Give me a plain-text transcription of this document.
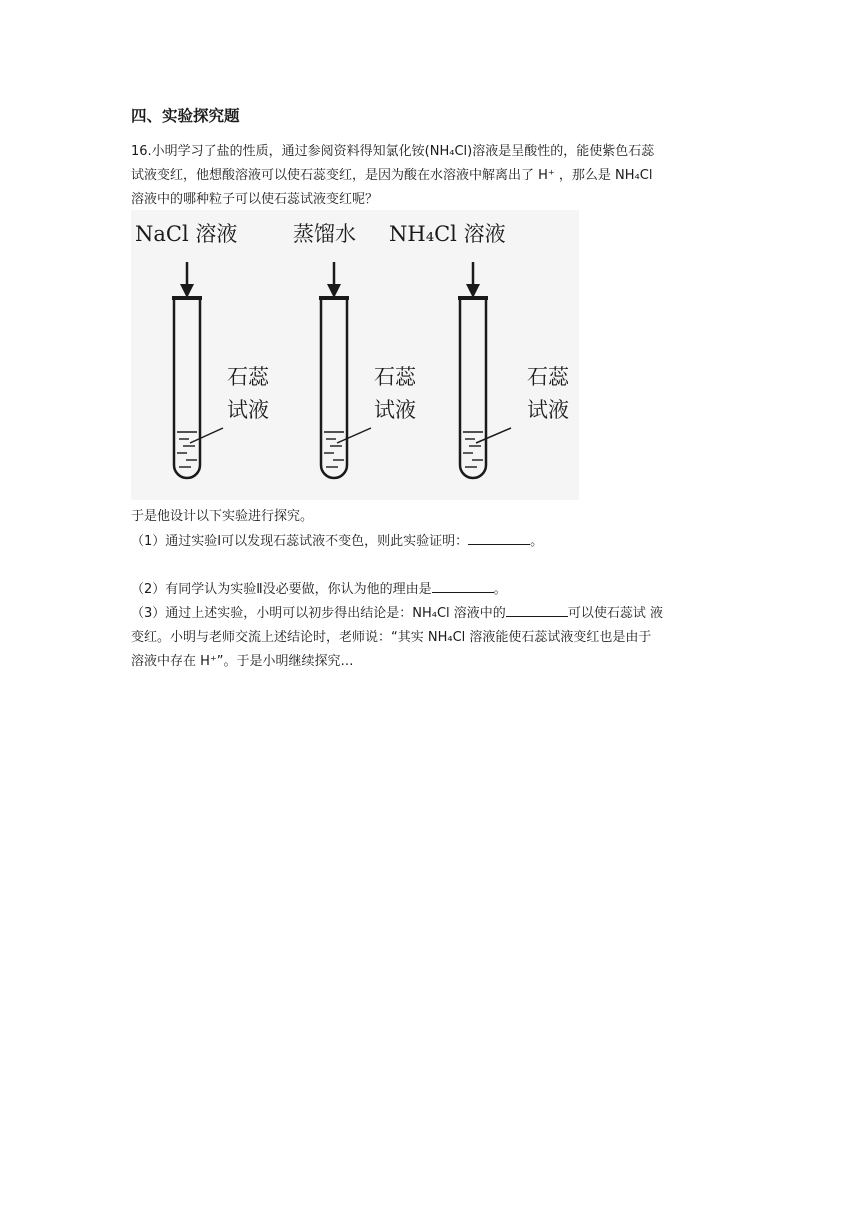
四、实验探究题
16.小明学习了盐的性质，通过参阅资料得知氯化铵(NH₄Cl)溶液是呈酸性的，能使紫色石蕊
试液变红，他想酸溶液可以使石蕊变红，是因为酸在水溶液中解离出了 H⁺ ，那么是 NH₄Cl
溶液中的哪种粒子可以使石蕊试液变红呢？
NaCl 溶液
石蕊
试液
蒸馏水
石蕊
试液
NH₄Cl 溶液
石蕊
试液
于是他设计以下实验进行探究。
（1）通过实验Ⅰ可以发现石蕊试液不变色，则此实验证明：	。
（2）有同学认为实验Ⅱ没必要做，你认为他的理由是	。
（3）通过上述实验，小明可以初步得出结论是：NH₄Cl 溶液中的	可以使石蕊试 液
变红。小明与老师交流上述结论时，老师说：“其实 NH₄Cl 溶液能使石蕊试液变红也是由于
溶液中存在 H⁺”。于是小明继续探究…
